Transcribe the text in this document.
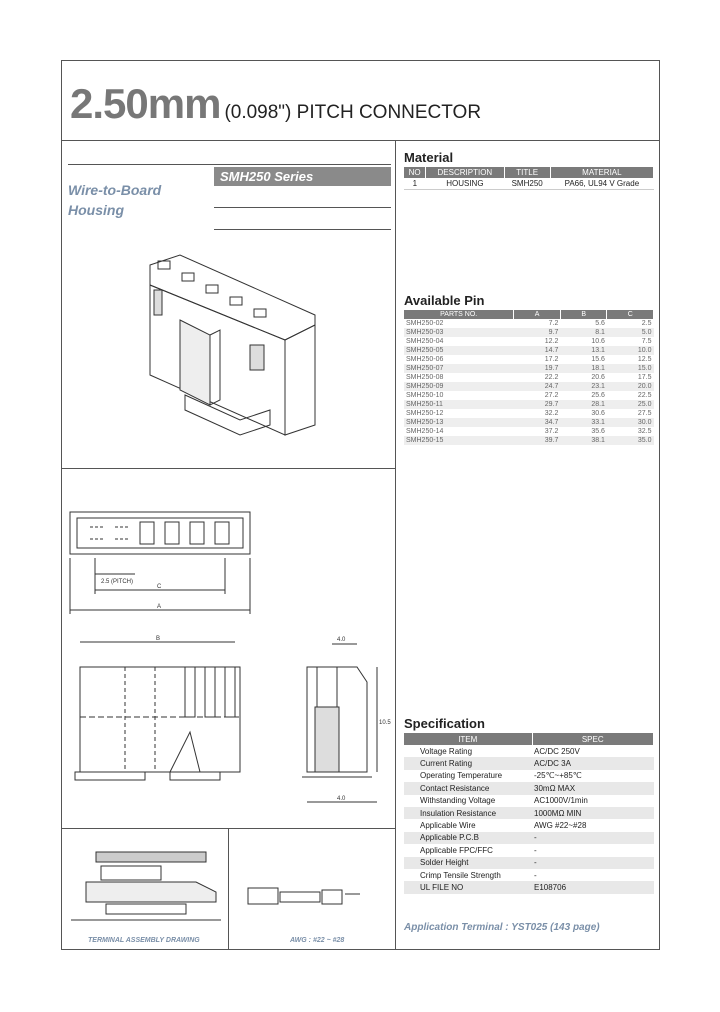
2.50mm (0.098") PITCH CONNECTOR
Wire-to-Board
Housing
SMH250 Series
2.5 (PITCH)
C
A
B	4.0
4.0
10.5
TERMINAL ASSEMBLY DRAWING	AWG : #22 ~ #28
Material
NO	DESCRIPTION	TITLE	MATERIAL
1	HOUSING	SMH250	PA66, UL94 V Grade
Available Pin
PARTS NO.	A	B	C
SMH250-02	7.2	5.6	2.5
SMH250-03	9.7	8.1	5.0
SMH250-04	12.2	10.6	7.5
SMH250-05	14.7	13.1	10.0
SMH250-06	17.2	15.6	12.5
SMH250-07	19.7	18.1	15.0
SMH250-08	22.2	20.6	17.5
SMH250-09	24.7	23.1	20.0
SMH250-10	27.2	25.6	22.5
SMH250-11	29.7	28.1	25.0
SMH250-12	32.2	30.6	27.5
SMH250-13	34.7	33.1	30.0
SMH250-14	37.2	35.6	32.5
SMH250-15	39.7	38.1	35.0
Specification
ITEM	SPEC
Voltage Rating	AC/DC 250V
Current Rating	AC/DC 3A
Operating Temperature	-25℃~+85℃
Contact Resistance	30mΩ MAX
Withstanding Voltage	AC1000V/1min
Insulation Resistance	1000MΩ MIN
Applicable Wire	AWG #22~#28
Applicable P.C.B	-
Applicable FPC/FFC	-
Solder Height	-
Crimp Tensile Strength	-
UL FILE NO	E108706
Application Terminal : YST025 (143 page)
